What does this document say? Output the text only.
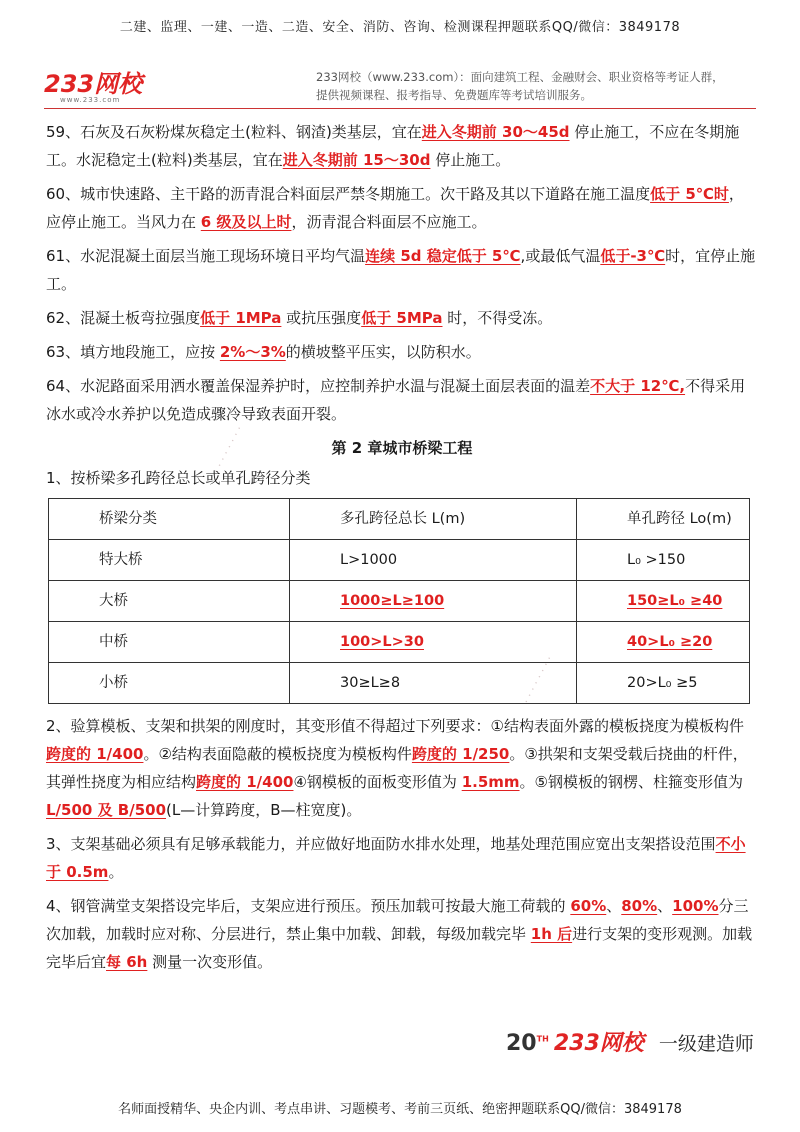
二建、监理、一建、一造、二造、安全、消防、咨询、检测课程押题联系QQ/微信：3849178
233网校
www.233.com
233网校（www.233.com）：面向建筑工程、金融财会、职业资格等考证人群，
提供视频课程、报考指导、免费题库等考试培训服务。
· · · · · · · ·
· · · · · · · ·
59、石灰及石灰粉煤灰稳定土(粒料、钢渣)类基层，宜在进入冬期前 30～45d 停止施工，不应在冬期施工。水泥稳定土(粒料)类基层，宜在进入冬期前 15～30d 停止施工。
60、城市快速路、主干路的沥青混合料面层严禁冬期施工。次干路及其以下道路在施工温度低于 5℃时，应停止施工。当风力在 6 级及以上时，沥青混合料面层不应施工。
61、水泥混凝土面层当施工现场环境日平均气温连续 5d 稳定低于 5℃,或最低气温低于-3℃时，宜停止施工。
62、混凝土板弯拉强度低于 1MPa 或抗压强度低于 5MPa 时，不得受冻。
63、填方地段施工，应按 2%～3%的横坡整平压实，以防积水。
64、水泥路面采用洒水覆盖保湿养护时，应控制养护水温与混凝土面层表面的温差不大于 12℃,不得采用冰水或冷水养护以免造成骤冷导致表面开裂。
第 2 章城市桥梁工程
1、按桥梁多孔跨径总长或单孔跨径分类
桥梁分类	多孔跨径总长 L(m)	单孔跨径 Lo(m)
特大桥	L>1000	L₀ >150
大桥	1000≥L≥100	150≥L₀ ≥40
中桥	100>L>30	40>L₀ ≥20
小桥	30≥L≥8	20>L₀ ≥5
2、验算模板、支架和拱架的刚度时，其变形值不得超过下列要求：①结构表面外露的模板挠度为模板构件跨度的 1/400。②结构表面隐蔽的模板挠度为模板构件跨度的 1/250。③拱架和支架受载后挠曲的杆件，其弹性挠度为相应结构跨度的 1/400④钢模板的面板变形值为 1.5mm。⑤钢模板的钢楞、柱箍变形值为 L/500 及 B/500(L—计算跨度，B—柱宽度)。
3、支架基础必须具有足够承载能力，并应做好地面防水排水处理，地基处理范围应宽出支架搭设范围不小于 0.5m。
4、钢管满堂支架搭设完毕后，支架应进行预压。预压加载可按最大施工荷载的 60%、80%、100%分三次加载，加载时应对称、分层进行，禁止集中加载、卸载，每级加载完毕 1h 后进行支架的变形观测。加载完毕后宜每 6h 测量一次变形值。
20TH 233网校 一级建造师
名师面授精华、央企内训、考点串讲、习题模考、考前三页纸、绝密押题联系QQ/微信：3849178
